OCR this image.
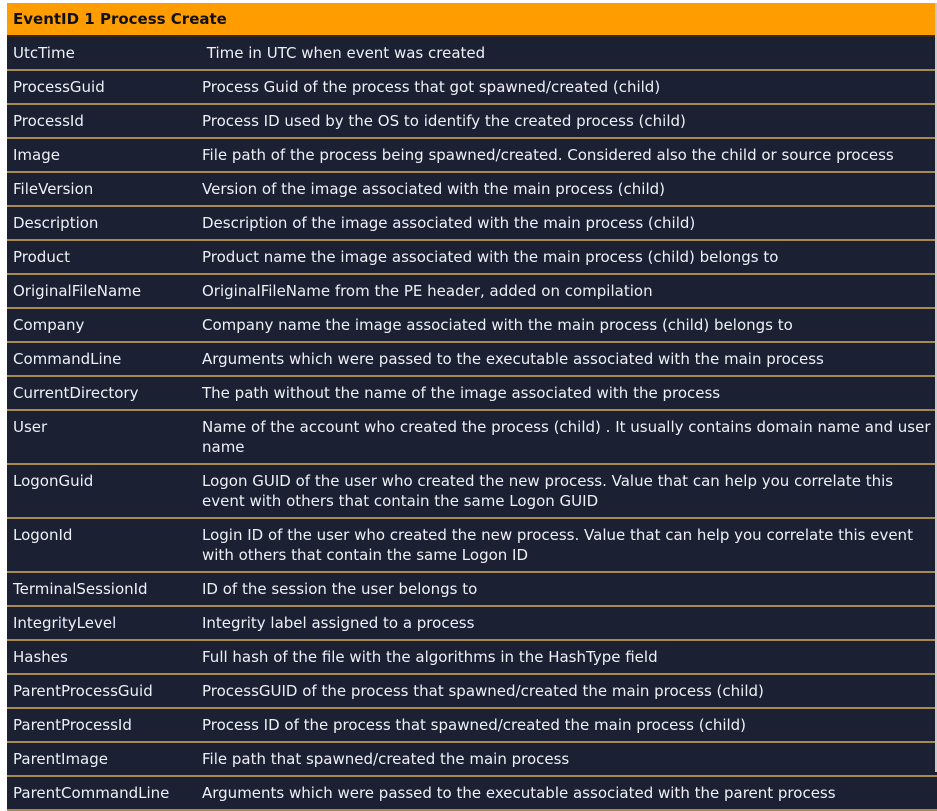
EventID 1 Process Create	
UtcTime	Time in UTC when event was created
ProcessGuid	Process Guid of the process that got spawned/created (child)
ProcessId	Process ID used by the OS to identify the created process (child)
Image	File path of the process being spawned/created. Considered also the child or source process
FileVersion	Version of the image associated with the main process (child)
Description	Description of the image associated with the main process (child)
Product	Product name the image associated with the main process (child) belongs to
OriginalFileName	OriginalFileName from the PE header, added on compilation
Company	Company name the image associated with the main process (child) belongs to
CommandLine	Arguments which were passed to the executable associated with the main process
CurrentDirectory	The path without the name of the image associated with the process
User	Name of the account who created the process (child) . It usually contains domain name and user name
LogonGuid	Logon GUID of the user who created the new process. Value that can help you correlate this event with others that contain the same Logon GUID
LogonId	Login ID of the user who created the new process. Value that can help you correlate this event with others that contain the same Logon ID
TerminalSessionId	ID of the session the user belongs to
IntegrityLevel	Integrity label assigned to a process
Hashes	Full hash of the file with the algorithms in the HashType field
ParentProcessGuid	ProcessGUID of the process that spawned/created the main process (child)
ParentProcessId	Process ID of the process that spawned/created the main process (child)
ParentImage	File path that spawned/created the main process
ParentCommandLine	Arguments which were passed to the executable associated with the parent process
